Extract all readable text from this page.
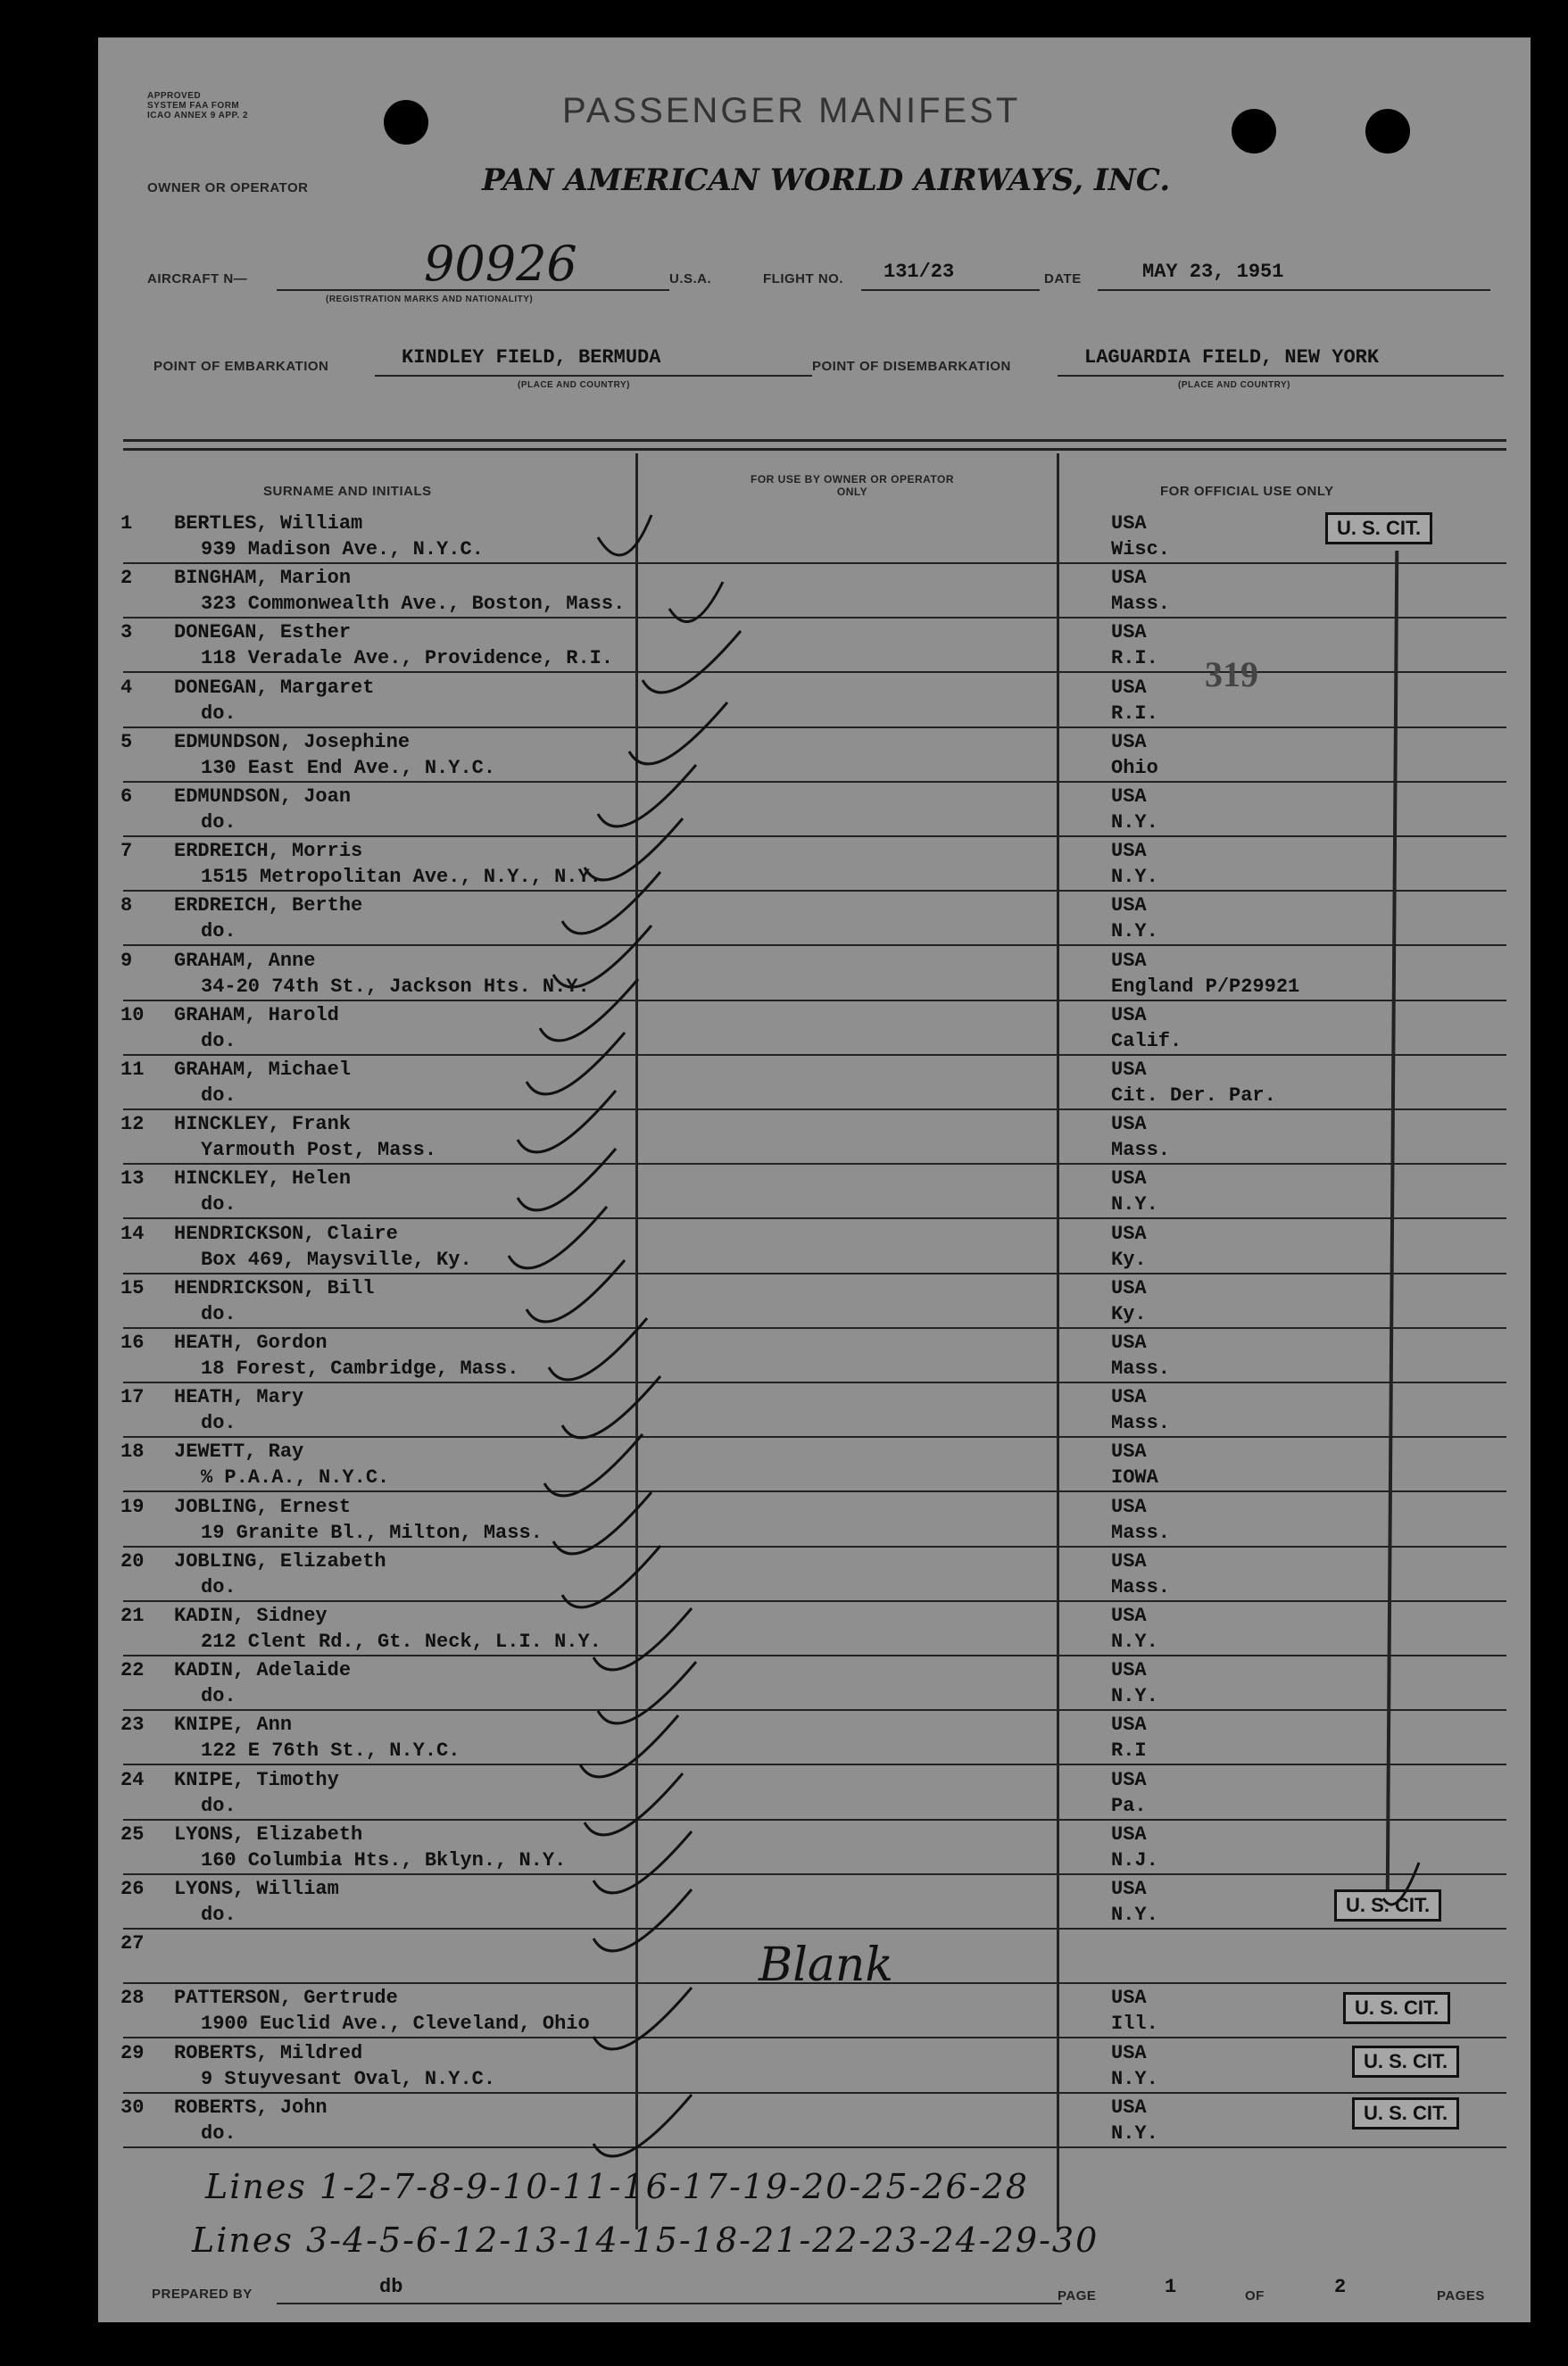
APPROVED
SYSTEM FAA FORM
ICAO ANNEX 9 APP. 2	PASSENGER MANIFEST
OWNER OR OPERATOR	PAN AMERICAN WORLD AIRWAYS, INC.
AIRCRAFT N—	90926
(REGISTRATION MARKS AND NATIONALITY)
U.S.A.	FLIGHT NO. 131/23	DATE	MAY 23, 1951
POINT OF EMBARKATION	KINDLEY FIELD, BERMUDA
(PLACE AND COUNTRY)
POINT OF DISEMBARKATION	LAGUARDIA FIELD, NEW YORK
(PLACE AND COUNTRY)
SURNAME AND INITIALS
FOR USE BY OWNER OR OPERATOR ONLY	FOR OFFICIAL USE ONLY
1	BERTLES, William
939 Madison Ave., N.Y.C.
USA
Wisc.
2	BINGHAM, Marion
323 Commonwealth Ave., Boston, Mass.
USA
Mass.
3	DONEGAN, Esther
118 Veradale Ave., Providence, R.I.
USA
R.I.
4	DONEGAN, Margaret
do.
USA
R.I.
5	EDMUNDSON, Josephine
130 East End Ave., N.Y.C.
USA
Ohio
6	EDMUNDSON, Joan
do.
USA
N.Y.
7	ERDREICH, Morris
1515 Metropolitan Ave., N.Y., N.Y.
USA
N.Y.
8	ERDREICH, Berthe
do.
USA
N.Y.
9	GRAHAM, Anne
34-20 74th St., Jackson Hts. N.Y.
USA
England P/P29921
10	GRAHAM, Harold
do.
USA
Calif.
11	GRAHAM, Michael
do.
USA
Cit. Der. Par.
12	HINCKLEY, Frank
Yarmouth Post, Mass.
USA
Mass.
13	HINCKLEY, Helen
do.
USA
N.Y.
14	HENDRICKSON, Claire
Box 469, Maysville, Ky.
USA
Ky.
15	HENDRICKSON, Bill
do.
USA
Ky.
16	HEATH, Gordon
18 Forest, Cambridge, Mass.
USA
Mass.
17	HEATH, Mary
do.
USA
Mass.
18	JEWETT, Ray
% P.A.A., N.Y.C.
USA
IOWA
19	JOBLING, Ernest
19 Granite Bl., Milton, Mass.
USA
Mass.
20	JOBLING, Elizabeth
do.
USA
Mass.
21	KADIN, Sidney
212 Clent Rd., Gt. Neck, L.I. N.Y.
USA
N.Y.
22	KADIN, Adelaide
do.
USA
N.Y.
23	KNIPE, Ann
122 E 76th St., N.Y.C.
USA
R.I
24	KNIPE, Timothy
do.
USA
Pa.
25	LYONS, Elizabeth
160 Columbia Hts., Bklyn., N.Y.
USA
N.J.
26	LYONS, William
do.
USA
N.Y.
27
28	PATTERSON, Gertrude
1900 Euclid Ave., Cleveland, Ohio
USA
Ill.
29	ROBERTS, Mildred
9 Stuyvesant Oval, N.Y.C.
USA
N.Y.
30	ROBERTS, John
do.
USA
N.Y.
U. S. CIT.
U. S. CIT.
U. S. CIT.
U. S. CIT.
U. S. CIT.
319
Blank
Lines 1-2-7-8-9-10-11-16-17-19-20-25-26-28
Lines 3-4-5-6-12-13-14-15-18-21-22-23-24-29-30
PREPARED BY	db	PAGE	1	OF	2	PAGES
